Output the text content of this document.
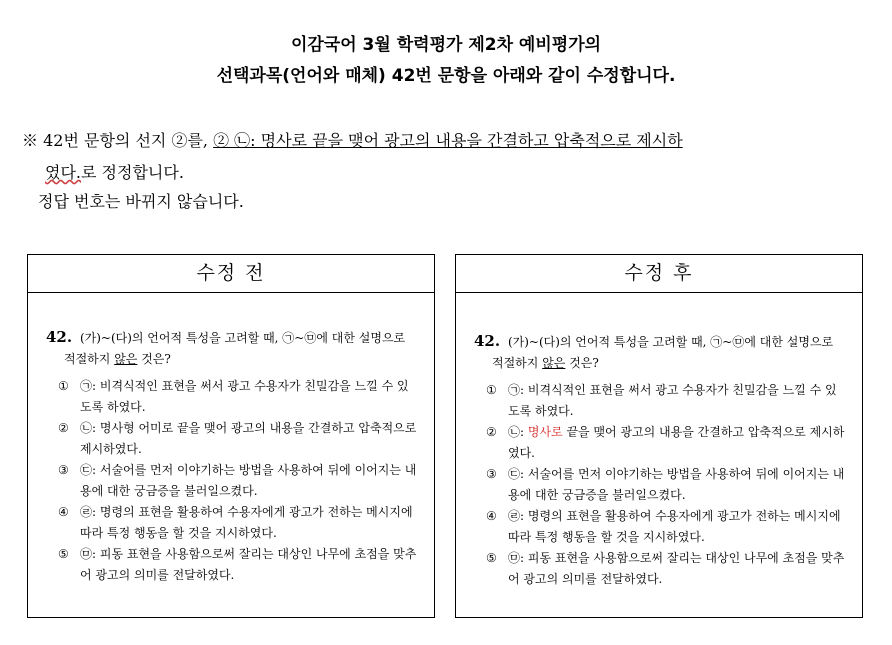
이감국어 3월 학력평가 제2차 예비평가의
선택과목(언어와 매체) 42번 문항을 아래와 같이 수정합니다.
※ 42번 문항의 선지 ②를, ② ㉡: 명사로 끝을 맺어 광고의 내용을 간결하고 압축적으로 제시하
였다.로 정정합니다.
정답 번호는 바뀌지 않습니다.
수정 전
42. (가)~(다)의 언어적 특성을 고려할 때, ㉠~㉤에 대한 설명으로
적절하지 않은 것은?
① ㉠: 비격식적인 표현을 써서 광고 수용자가 친밀감을 느낄 수 있도록 하였다.
② ㉡: 명사형 어미로 끝을 맺어 광고의 내용을 간결하고 압축적으로 제시하였다.
③ ㉢: 서술어를 먼저 이야기하는 방법을 사용하여 뒤에 이어지는 내용에 대한 궁금증을 불러일으켰다.
④ ㉣: 명령의 표현을 활용하여 수용자에게 광고가 전하는 메시지에 따라 특정 행동을 할 것을 지시하였다.
⑤ ㉤: 피동 표현을 사용함으로써 잘리는 대상인 나무에 초점을 맞추어 광고의 의미를 전달하였다.
수정 후
42. (가)~(다)의 언어적 특성을 고려할 때, ㉠~㉤에 대한 설명으로
적절하지 않은 것은?
① ㉠: 비격식적인 표현을 써서 광고 수용자가 친밀감을 느낄 수 있도록 하였다.
② ㉡: 명사로 끝을 맺어 광고의 내용을 간결하고 압축적으로 제시하였다.
③ ㉢: 서술어를 먼저 이야기하는 방법을 사용하여 뒤에 이어지는 내용에 대한 궁금증을 불러일으켰다.
④ ㉣: 명령의 표현을 활용하여 수용자에게 광고가 전하는 메시지에 따라 특정 행동을 할 것을 지시하였다.
⑤ ㉤: 피동 표현을 사용함으로써 잘리는 대상인 나무에 초점을 맞추어 광고의 의미를 전달하였다.
